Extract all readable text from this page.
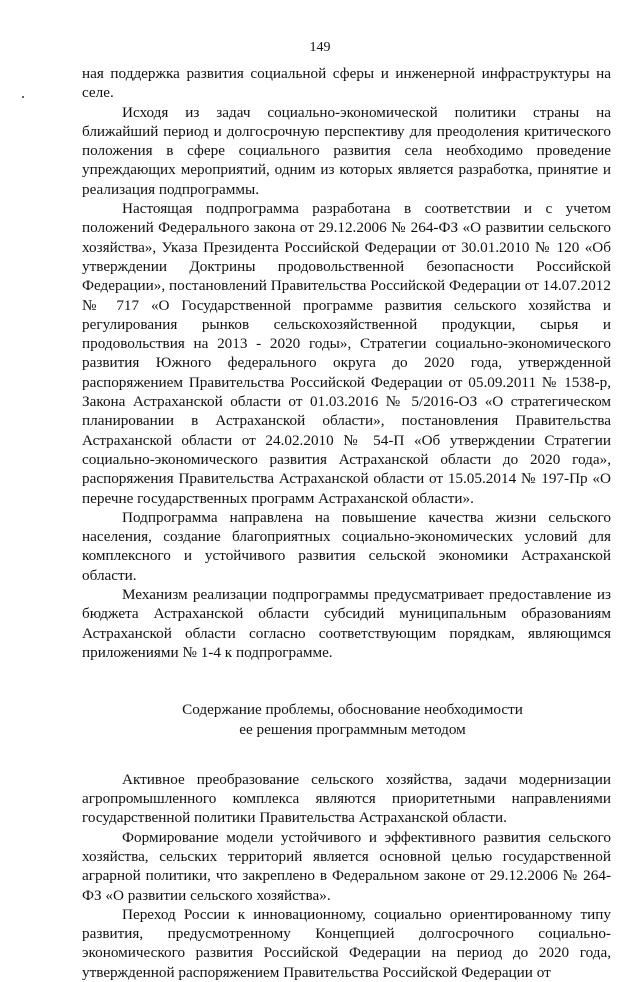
149

ная поддержка развития социальной сферы и инженерной инфраструктуры на селе.

Исходя из задач социально-экономической политики страны на ближайший период и долгосрочную перспективу для преодоления критического положения в сфере социального развития села необходимо проведение упреждающих мероприятий, одним из которых является разработка, принятие и реализация подпрограммы.

Настоящая подпрограмма разработана в соответствии и с учетом положений Федерального закона от 29.12.2006 № 264-ФЗ «О развитии сельского хозяйства», Указа Президента Российской Федерации от 30.01.2010 № 120 «Об утверждении Доктрины продовольственной безопасности Российской Федерации», постановлений Правительства Российской Федерации от 14.07.2012 № 717 «О Государственной программе развития сельского хозяйства и регулирования рынков сельскохозяйственной продукции, сырья и продовольствия на 2013 - 2020 годы», Стратегии социально-экономического развития Южного федерального округа до 2020 года, утвержденной распоряжением Правительства Российской Федерации от 05.09.2011 № 1538-р, Закона Астраханской области от 01.03.2016 № 5/2016-ОЗ «О стратегическом планировании в Астраханской области», постановления Правительства Астраханской области от 24.02.2010 № 54-П «Об утверждении Стратегии социально-экономического развития Астраханской области до 2020 года», распоряжения Правительства Астраханской области от 15.05.2014 № 197-Пр «О перечне государственных программ Астраханской области».

Подпрограмма направлена на повышение качества жизни сельского населения, создание благоприятных социально-экономических условий для комплексного и устойчивого развития сельской экономики Астраханской области.

Механизм реализации подпрограммы предусматривает предоставление из бюджета Астраханской области субсидий муниципальным образованиям Астраханской области согласно соответствующим порядкам, являющимся приложениями № 1-4 к подпрограмме.

Содержание проблемы, обоснование необходимости
ее решения программным методом

Активное преобразование сельского хозяйства, задачи модернизации агропромышленного комплекса являются приоритетными направлениями государственной политики Правительства Астраханской области.

Формирование модели устойчивого и эффективного развития сельского хозяйства, сельских территорий является основной целью государственной аграрной политики, что закреплено в Федеральном законе от 29.12.2006 № 264-ФЗ «О развитии сельского хозяйства».

Переход России к инновационному, социально ориентированному типу развития, предусмотренному Концепцией долгосрочного социально-экономического развития Российской Федерации на период до 2020 года, утвержденной распоряжением Правительства Российской Федерации от
